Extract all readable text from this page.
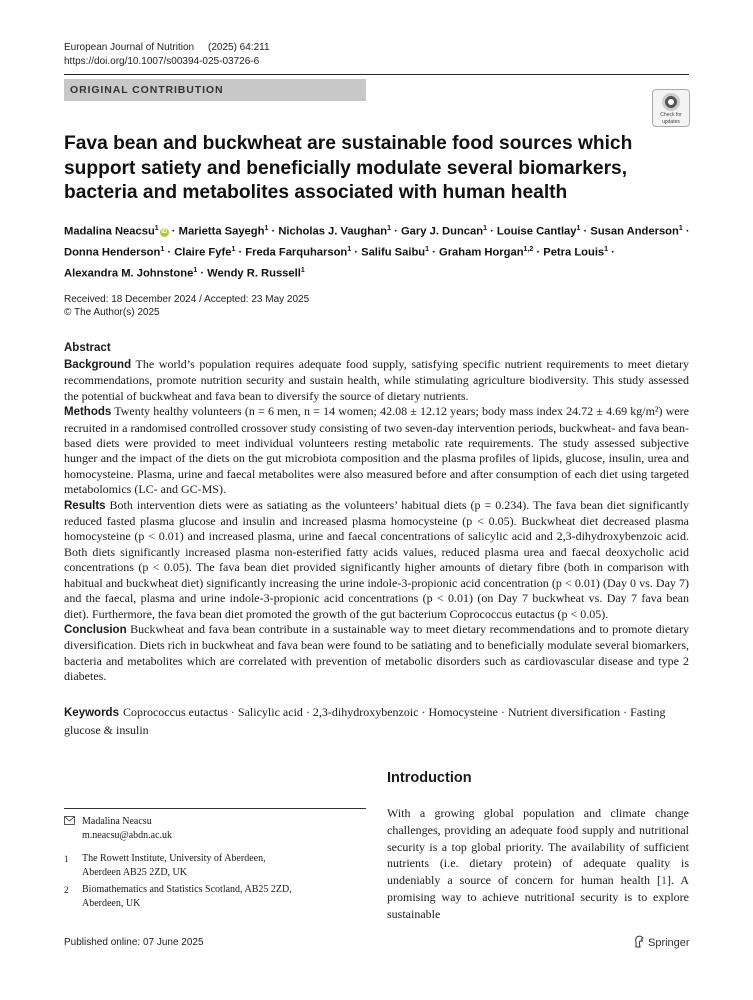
European Journal of Nutrition (2025) 64:211
https://doi.org/10.1007/s00394-025-03726-6
ORIGINAL CONTRIBUTION
Check for
updates
Fava bean and buckwheat are sustainable food sources which support satiety and beneficially modulate several biomarkers, bacteria and metabolites associated with human health
Madalina Neacsu$^1$ iD · Marietta Sayegh$^1$ · Nicholas J. Vaughan$^1$ · Gary J. Duncan$^1$ · Louise Cantlay$^1$ · Susan Anderson$^1$ ·
Donna Henderson$^1$ · Claire Fyfe$^1$ · Freda Farquharson$^1$ · Salifu Saibu$^1$ · Graham Horgan$^{1,2}$ · Petra Louis$^1$ ·
Alexandra M. Johnstone$^1$ · Wendy R. Russell$^1$
Received: 18 December 2024 / Accepted: 23 May 2025
© The Author(s) 2025
Abstract

Background The world’s population requires adequate food supply, satisfying specific nutrient requirements to meet dietary recommendations, promote nutrition security and sustain health, while stimulating agriculture biodiversity. This study assessed the potential of buckwheat and fava bean to diversify the source of dietary nutrients.

Methods Twenty healthy volunteers (n = 6 men, n = 14 women; 42.08 ± 12.12 years; body mass index 24.72 ± 4.69 kg/m²) were recruited in a randomised controlled crossover study consisting of two seven-day intervention periods, buckwheat- and fava bean-based diets were provided to meet individual volunteers resting metabolic rate requirements. The study assessed subjective hunger and the impact of the diets on the gut microbiota composition and the plasma profiles of lipids, glucose, insulin, urea and homocysteine. Plasma, urine and faecal metabolites were also measured before and after consumption of each diet using targeted metabolomics (LC- and GC-MS).

Results Both intervention diets were as satiating as the volunteers’ habitual diets (p = 0.234). The fava bean diet significantly reduced fasted plasma glucose and insulin and increased plasma homocysteine (p < 0.05). Buckwheat diet decreased plasma homocysteine (p < 0.01) and increased plasma, urine and faecal concentrations of salicylic acid and 2,3-dihydroxybenzoic acid. Both diets significantly increased plasma non-esterified fatty acids values, reduced plasma urea and faecal deoxycholic acid concentrations (p < 0.05). The fava bean diet provided significantly higher amounts of dietary fibre (both in comparison with habitual and buckwheat diet) significantly increasing the urine indole-3-propionic acid concentration (p < 0.01) (Day 0 vs. Day 7) and the faecal, plasma and urine indole-3-propionic acid concentrations (p < 0.01) (on Day 7 buckwheat vs. Day 7 fava bean diet). Furthermore, the fava bean diet promoted the growth of the gut bacterium Coprococcus eutactus (p < 0.05).

Conclusion Buckwheat and fava bean contribute in a sustainable way to meet dietary recommendations and to promote dietary diversification. Diets rich in buckwheat and fava bean were found to be satiating and to beneficially modulate several biomarkers, bacteria and metabolites which are correlated with prevention of metabolic disorders such as cardiovascular disease and type 2 diabetes.

Keywords Coprococcus eutactus · Salicylic acid · 2,3-dihydroxybenzoic · Homocysteine · Nutrient diversification · Fasting glucose & insulin
Introduction
With a growing global population and climate change challenges, providing an adequate food supply and nutritional security is a top global priority. The availability of sufficient nutrients (i.e. dietary protein) of adequate quality is undeniably a source of concern for human health [1]. A promising way to achieve nutritional security is to explore sustainable
Madalina Neacsu
m.neacsu@abdn.ac.uk
1 The Rowett Institute, University of Aberdeen, Aberdeen AB25 2ZD, UK
2 Biomathematics and Statistics Scotland, AB25 2ZD, Aberdeen, UK
Published online: 07 June 2025	Springer
